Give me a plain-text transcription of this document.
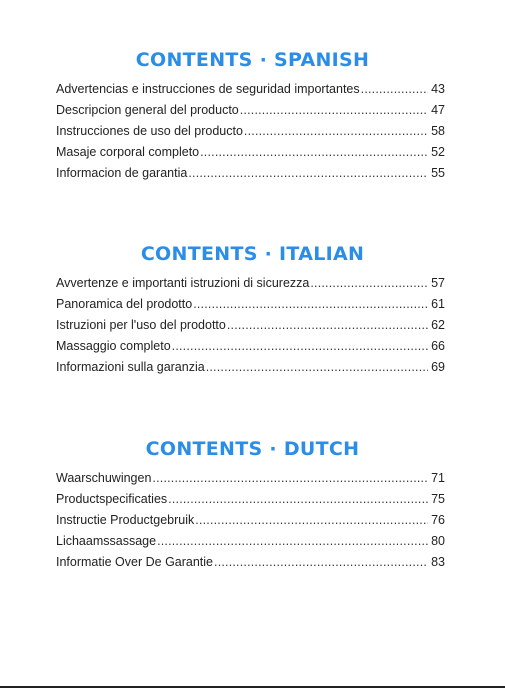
CONTENTS · SPANISH
Advertencias e instrucciones de seguridad importantes .....	43
Descripcion general del producto .....	47
Instrucciones de uso del producto .....	58
Masaje corporal completo .....	52
Informacion de garantia .....	55
CONTENTS · ITALIAN
Avvertenze e importanti istruzioni di sicurezza .....	57
Panoramica del prodotto .....	61
Istruzioni per l'uso del prodotto .....	62
Massaggio completo .....	66
Informazioni sulla garanzia .....	69
CONTENTS · DUTCH
Waarschuwingen .....	71
Productspecificaties .....	75
Instructie Productgebruik .....	76
Lichaamssassage .....	80
Informatie Over De Garantie .....	83
